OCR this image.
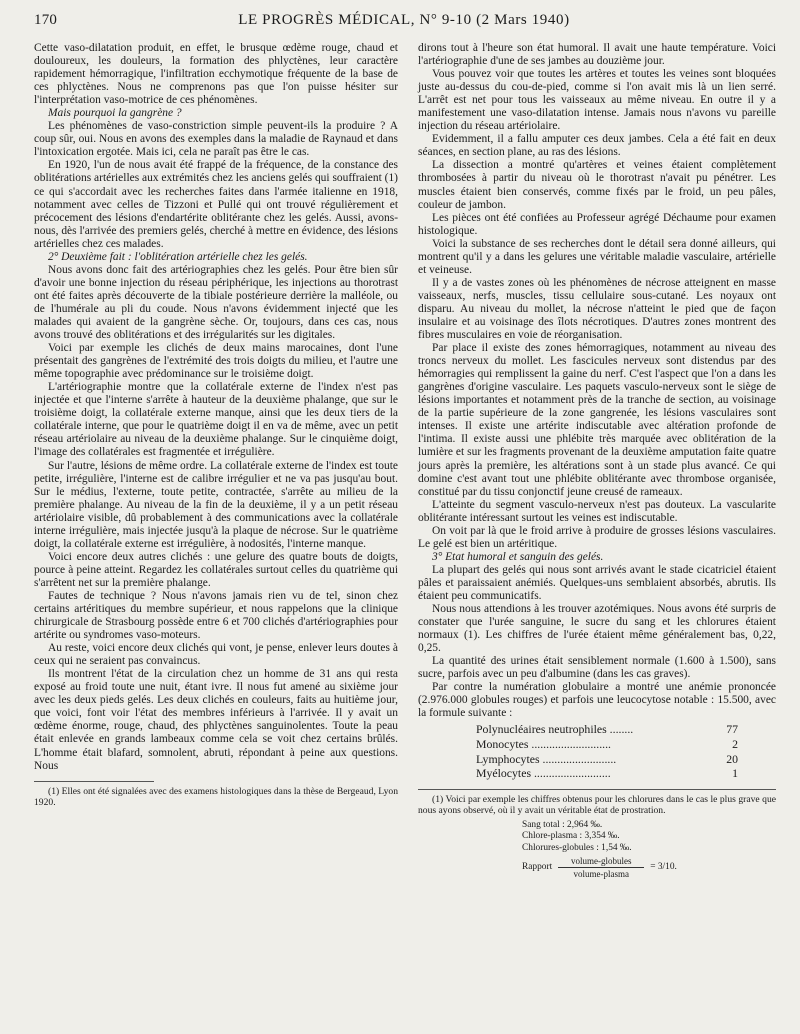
170	LE PROGRÈS MÉDICAL, N° 9-10 (2 Mars 1940)

Cette vaso-dilatation produit, en effet, le brusque œdème rouge, chaud et douloureux, les douleurs, la formation des phlyctènes, leur caractère rapidement hémorragique, l'infiltration ecchymotique fréquente de la base de ces phlyctènes. Nous ne comprenons pas que l'on puisse hésiter sur l'interprétation vaso-motrice de ces phénomènes.

Mais pourquoi la gangrène ?

Les phénomènes de vaso-constriction simple peuvent-ils la produire ? A coup sûr, oui. Nous en avons des exemples dans la maladie de Raynaud et dans l'intoxication ergotée. Mais ici, cela ne paraît pas être le cas.

En 1920, l'un de nous avait été frappé de la fréquence, de la constance des oblitérations artérielles aux extrémités chez les anciens gelés qui souffraient (1) ce qui s'accordait avec les recherches faites dans l'armée italienne en 1918, notamment avec celles de Tizzoni et Pullé qui ont trouvé régulièrement et précocement des lésions d'endartérite oblitérante chez les gelés. Aussi, avons-nous, dès l'arrivée des premiers gelés, cherché à mettre en évidence, des lésions artérielles chez ces malades.

2° Deuxième fait : l'oblitération artérielle chez les gelés.

Nous avons donc fait des artériographies chez les gelés. Pour être bien sûr d'avoir une bonne injection du réseau périphérique, les injections au thorotrast ont été faites après découverte de la tibiale postérieure derrière la malléole, ou de l'humérale au pli du coude. Nous n'avons évidemment injecté que les malades qui avaient de la gangrène sèche. Or, toujours, dans ces cas, nous avons trouvé des oblitérations et des irrégularités sur les digitales.

Voici par exemple les clichés de deux mains marocaines, dont l'une présentait des gangrènes de l'extrémité des trois doigts du milieu, et l'autre une même topographie avec prédominance sur le troisième doigt.

L'artériographie montre que la collatérale externe de l'index n'est pas injectée et que l'interne s'arrête à hauteur de la deuxième phalange, que sur le troisième doigt, la collatérale externe manque, ainsi que les deux tiers de la collatérale interne, que pour le quatrième doigt il en va de même, avec un petit réseau artériolaire au niveau de la deuxième phalange. Sur le cinquième doigt, l'image des collatérales est fragmentée et irrégulière.

Sur l'autre, lésions de même ordre. La collatérale externe de l'index est toute petite, irrégulière, l'interne est de calibre irrégulier et ne va pas jusqu'au bout. Sur le médius, l'externe, toute petite, contractée, s'arrête au milieu de la première phalange. Au niveau de la fin de la deuxième, il y a un petit réseau artériolaire visible, dû probablement à des communications avec la collatérale interne irrégulière, mais injectée jusqu'à la plaque de nécrose. Sur le quatrième doigt, la collatérale externe est irrégulière, à nodosités, l'interne manque.

Voici encore deux autres clichés : une gelure des quatre bouts de doigts, pource à peine atteint. Regardez les collatérales surtout celles du quatrième qui s'arrêtent net sur la première phalange.

Fautes de technique ? Nous n'avons jamais rien vu de tel, sinon chez certains artéritiques du membre supérieur, et nous rappelons que la clinique chirurgicale de Strasbourg possède entre 6 et 700 clichés d'artériographies pour artérite ou syndromes vaso-moteurs.

Au reste, voici encore deux clichés qui vont, je pense, enlever leurs doutes à ceux qui ne seraient pas convaincus.

Ils montrent l'état de la circulation chez un homme de 31 ans qui resta exposé au froid toute une nuit, étant ivre. Il nous fut amené au sixième jour avec les deux pieds gelés. Les deux clichés en couleurs, faits au huitième jour, que voici, font voir l'état des membres inférieurs à l'arrivée. Il y avait un œdème énorme, rouge, chaud, des phlyctènes sanguinolentes. Toute la peau était enlevée en grands lambeaux comme cela se voit chez certains brûlés. L'homme était blafard, somnolent, abruti, répondant à peine aux questions. Nous

(1) Elles ont été signalées avec des examens histologiques dans la thèse de Bergeaud, Lyon 1920.

dirons tout à l'heure son état humoral. Il avait une haute température. Voici l'artériographie d'une de ses jambes au douzième jour.

Vous pouvez voir que toutes les artères et toutes les veines sont bloquées juste au-dessus du cou-de-pied, comme si l'on avait mis là un lien serré. L'arrêt est net pour tous les vaisseaux au même niveau. En outre il y a manifestement une vaso-dilatation intense. Jamais nous n'avons vu pareille injection du réseau artériolaire.

Evidemment, il a fallu amputer ces deux jambes. Cela a été fait en deux séances, en section plane, au ras des lésions.

La dissection a montré qu'artères et veines étaient complètement thrombosées à partir du niveau où le thorotrast n'avait pu pénétrer. Les muscles étaient bien conservés, comme fixés par le froid, un peu pâles, couleur de jambon.

Les pièces ont été confiées au Professeur agrégé Déchaume pour examen histologique.

Voici la substance de ses recherches dont le détail sera donné ailleurs, qui montrent qu'il y a dans les gelures une véritable maladie vasculaire, artérielle et veineuse.

Il y a de vastes zones où les phénomènes de nécrose atteignent en masse vaisseaux, nerfs, muscles, tissu cellulaire sous-cutané. Les noyaux ont disparu. Au niveau du mollet, la nécrose n'atteint le pied que de façon insulaire et au voisinage des îlots nécrotiques. D'autres zones montrent des fibres musculaires en voie de réorganisation.

Par place il existe des zones hémorragiques, notamment au niveau des troncs nerveux du mollet. Les fascicules nerveux sont distendus par des hémorragies qui remplissent la gaine du nerf. C'est l'aspect que l'on a dans les gangrènes d'origine vasculaire. Les paquets vasculo-nerveux sont le siège de lésions importantes et notamment près de la tranche de section, au voisinage de la partie supérieure de la zone gangrenée, les lésions vasculaires sont intenses. Il existe une artérite indiscutable avec altération profonde de l'intima. Il existe aussi une phlébite très marquée avec oblitération de la lumière et sur les fragments provenant de la deuxième amputation faite quatre jours après la première, les altérations sont à un stade plus avancé. Ce qui domine c'est avant tout une phlébite oblitérante avec thrombose organisée, constitué par du tissu conjonctif jeune creusé de rameaux.

L'atteinte du segment vasculo-nerveux n'est pas douteux. La vascularite oblitérante intéressant surtout les veines est indiscutable.

On voit par là que le froid arrive à produire de grosses lésions vasculaires. Le gelé est bien un artéritique.

3° Etat humoral et sanguin des gelés.

La plupart des gelés qui nous sont arrivés avant le stade cicatriciel étaient pâles et paraissaient anémiés. Quelques-uns semblaient absorbés, abrutis. Ils étaient peu communicatifs.

Nous nous attendions à les trouver azotémiques. Nous avons été surpris de constater que l'urée sanguine, le sucre du sang et les chlorures étaient normaux (1). Les chiffres de l'urée étaient même généralement bas, 0,22, 0,25.

La quantité des urines était sensiblement normale (1.600 à 1.500), sans sucre, parfois avec un peu d'albumine (dans les cas graves).

Par contre la numération globulaire a montré une anémie prononcée (2.976.000 globules rouges) et parfois une leucocytose notable : 15.500, avec la formule suivante :

Polynucléaires neutrophiles ........	77
Monocytes ...........................	2
Lymphocytes .........................	20
Myélocytes ..........................	1

(1) Voici par exemple les chiffres obtenus pour les chlorures dans le cas le plus grave que nous ayons observé, où il y avait un véritable état de prostration.

Sang total : 2,964 ‰.
Chlore-plasma : 3,354 ‰.
Chlorures-globules : 1,54 ‰.
Rapport $\frac{\text{volume-globules}}{\text{volume-plasma}} = 3/10$.
